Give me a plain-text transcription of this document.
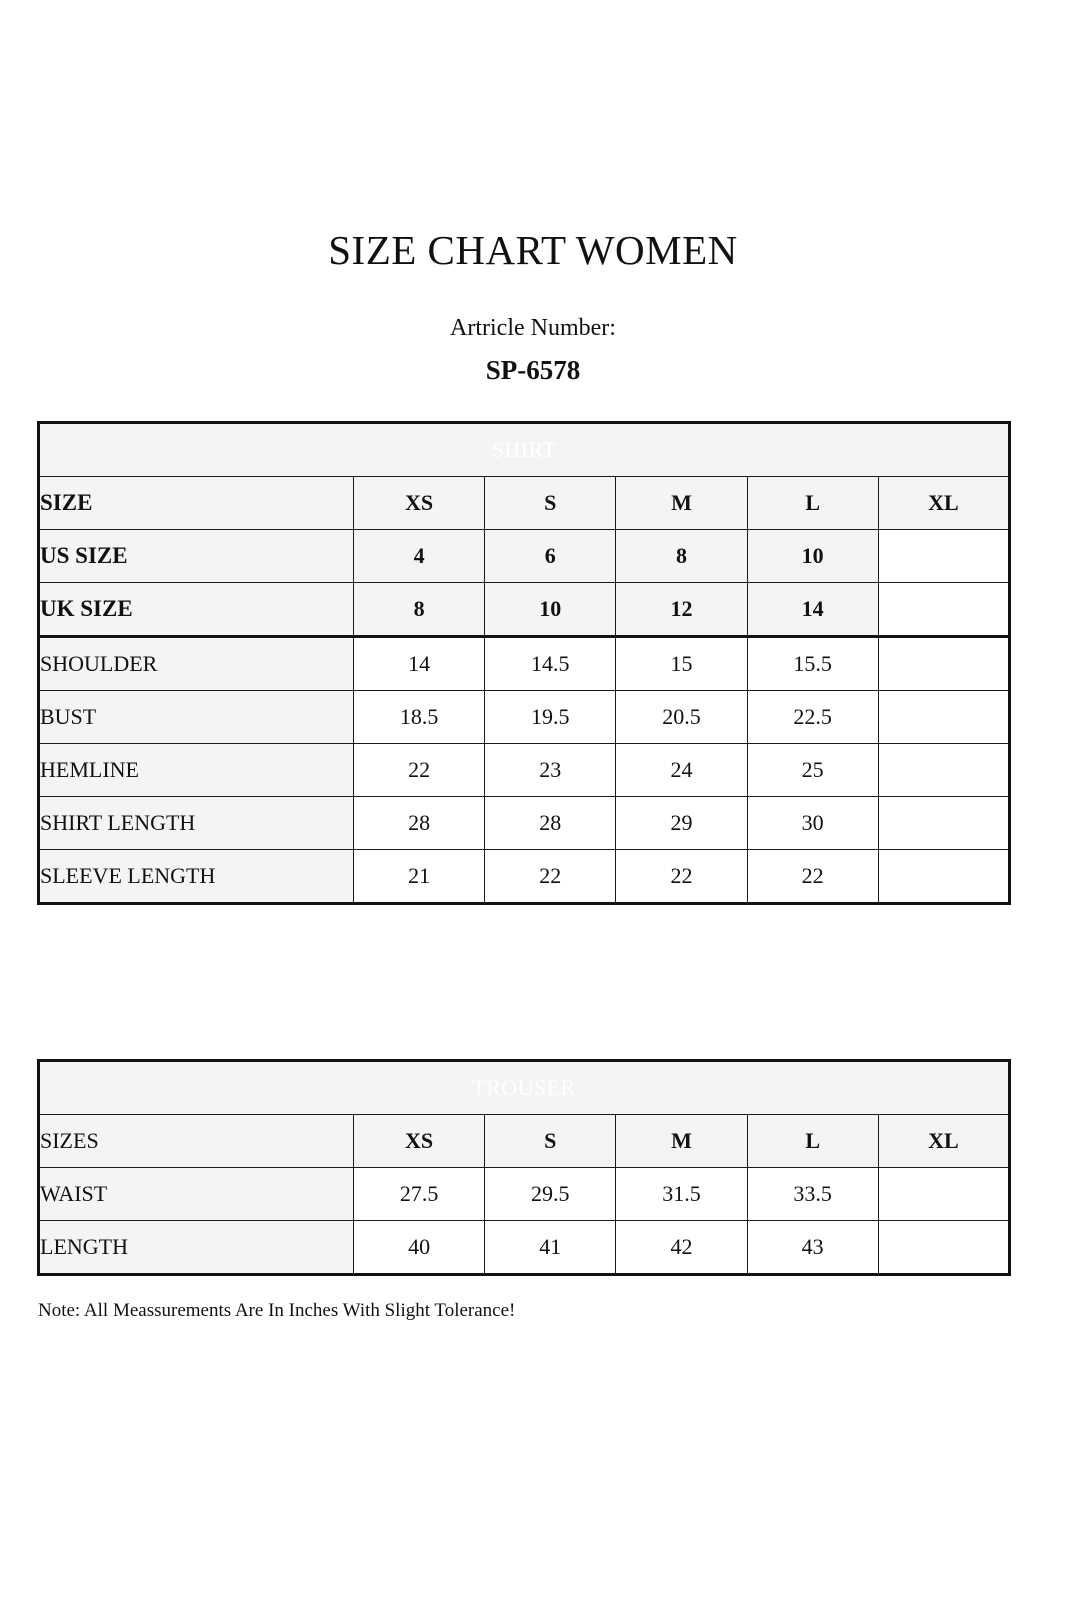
SIZE CHART WOMEN

Artricle Number:

SP-6578

SHIRT					
SIZE	XS	S	M	L	XL
US SIZE	4	6	8	10	
UK SIZE	8	10	12	14	
SHOULDER	14	14.5	15	15.5	
BUST	18.5	19.5	20.5	22.5	
HEMLINE	22	23	24	25	
SHIRT LENGTH	28	28	29	30	
SLEEVE LENGTH	21	22	22	22	
TROUSER					
SIZES	XS	S	M	L	XL
WAIST	27.5	29.5	31.5	33.5	
LENGTH	40	41	42	43	
Note: All Meassurements Are In Inches With Slight Tolerance!
